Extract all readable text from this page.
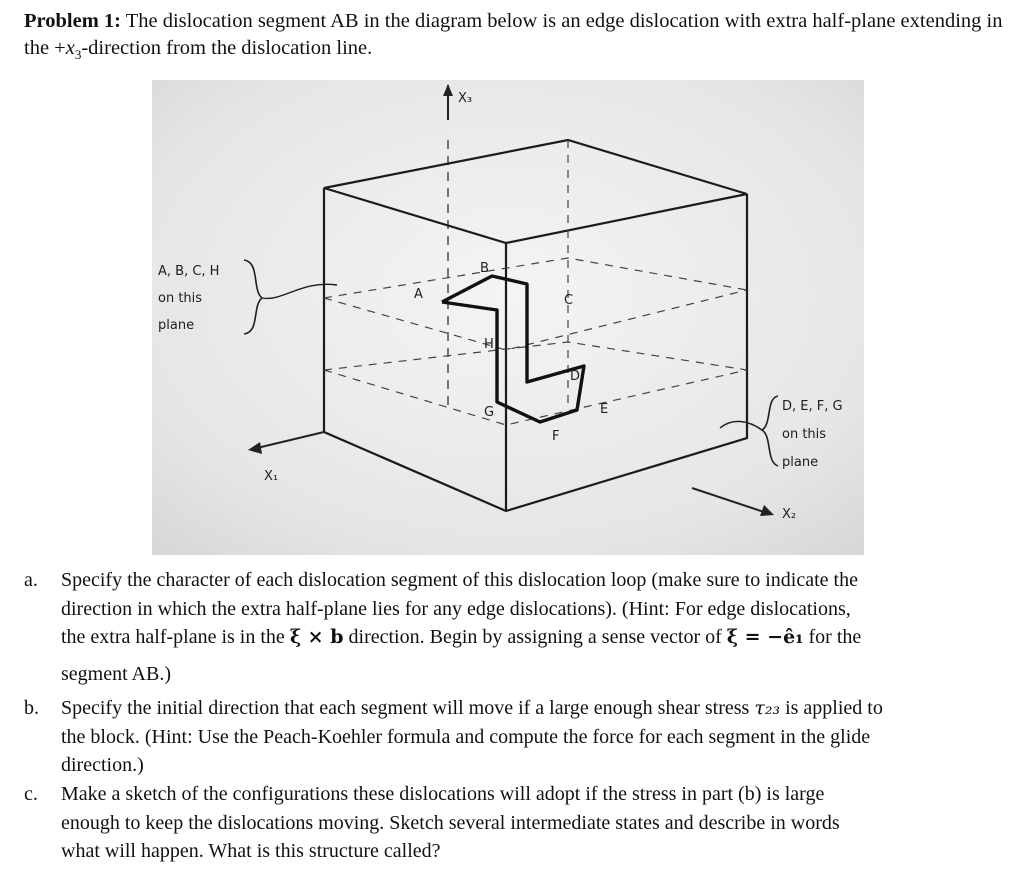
Problem 1: The dislocation segment AB in the diagram below is an edge dislocation with extra half-plane extending in the $+x_3$-direction from the dislocation line.
X₃
A
B
C
D
E
F
G
H
X₁
X₂
A, B, C, H
on this
plane
D, E, F, G
on this
plane
a.	Specify the character of each dislocation segment of this dislocation loop (make sure to indicate the
direction in which the extra half-plane lies for any edge dislocations). (Hint: For edge dislocations,
the extra half-plane is in the ξ × b direction. Begin by assigning a sense vector of ξ = −ê₁ for the
segment AB.)
b.	Specify the initial direction that each segment will move if a large enough shear stress τ₂₃ is applied to
the block. (Hint: Use the Peach-Koehler formula and compute the force for each segment in the glide
direction.)
c.	Make a sketch of the configurations these dislocations will adopt if the stress in part (b) is large
enough to keep the dislocations moving. Sketch several intermediate states and describe in words
what will happen. What is this structure called?
